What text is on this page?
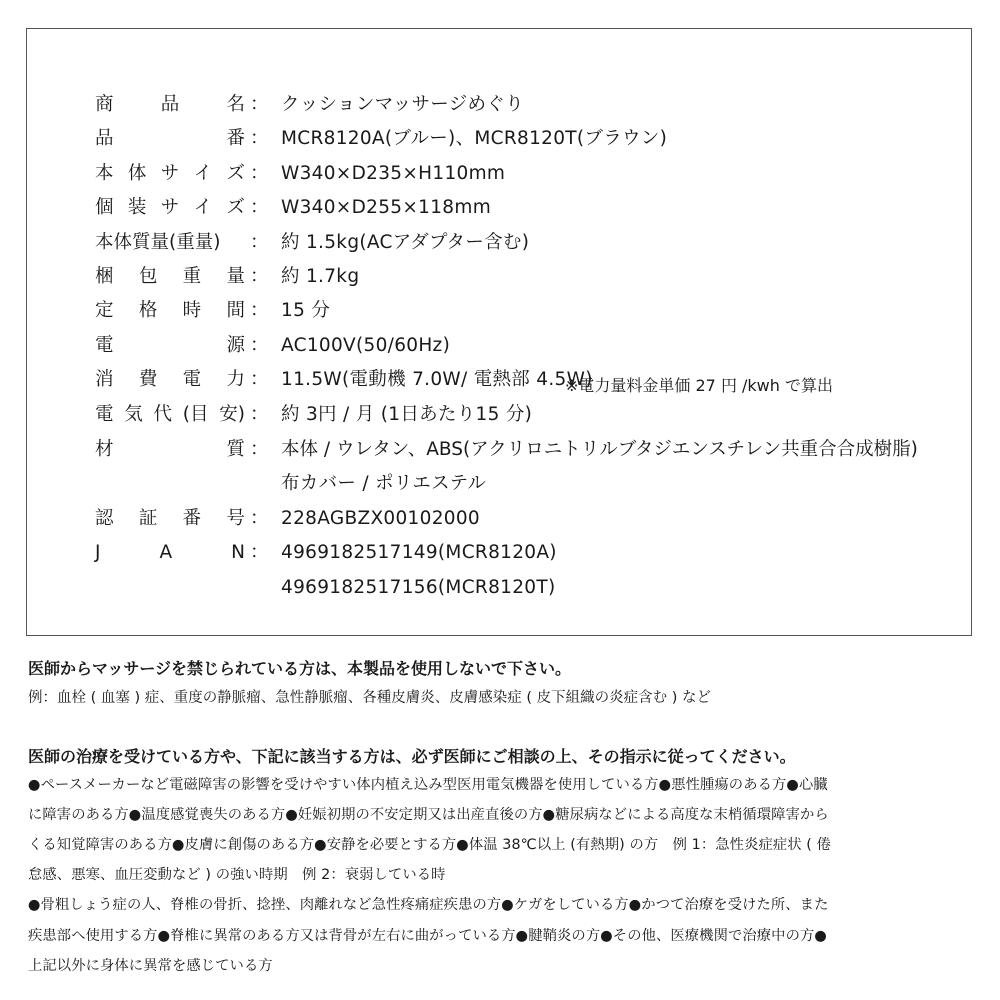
商	品	名 ： クッションマッサージめぐり
品	番 ： MCR8120A(ブルー)、MCR8120T(ブラウン)
本 体 サ イ ズ ： W340×D235×H110mm
個 装 サ イ ズ ： W340×D255×118mm
本体質量(重量) ： 約 1.5kg(ACアダプター含む)
梱 包 重 量 ： 約 1.7kg
定 格 時 間 ： 15 分
電	源 ： AC100V(50/60Hz)
消 費 電 力 ： 11.5W(電動機 7.0W/ 電熱部 4.5W)
※電力量料金単価 27 円 /kwh で算出
電 気 代 (目 安) ： 約 3円 / 月 (1日あたり15 分)
材	質 ： 本体 / ウレタン、ABS(アクリロニトリルブタジエンスチレン共重合合成樹脂)
布カバー / ポリエステル
認 証 番 号 ： 228AGBZX00102000
J	A	N ： 4969182517149(MCR8120A)
4969182517156(MCR8120T)
医師からマッサージを禁じられている方は、本製品を使用しないで下さい。
例：血栓 ( 血塞 ) 症、重度の静脈瘤、急性静脈瘤、各種皮膚炎、皮膚感染症 ( 皮下組織の炎症含む ) など
医師の治療を受けている方や、下記に該当する方は、必ず医師にご相談の上、その指示に従ってください。
●ペースメーカーなど電磁障害の影響を受けやすい体内植え込み型医用電気機器を使用している方●悪性腫瘍のある方●心臓
に障害のある方●温度感覚喪失のある方●妊娠初期の不安定期又は出産直後の方●糖尿病などによる高度な末梢循環障害から
くる知覚障害のある方●皮膚に創傷のある方●安静を必要とする方●体温 38℃以上 (有熱期) の方　例 1：急性炎症症状 ( 倦
怠感、悪寒、血圧変動など ) の強い時期　例 2：衰弱している時
●骨粗しょう症の人、脊椎の骨折、捻挫、肉離れなど急性疼痛症疾患の方●ケガをしている方●かつて治療を受けた所、また
疾患部へ使用する方●脊椎に異常のある方又は背骨が左右に曲がっている方●腱鞘炎の方●その他、医療機関で治療中の方●
上記以外に身体に異常を感じている方
